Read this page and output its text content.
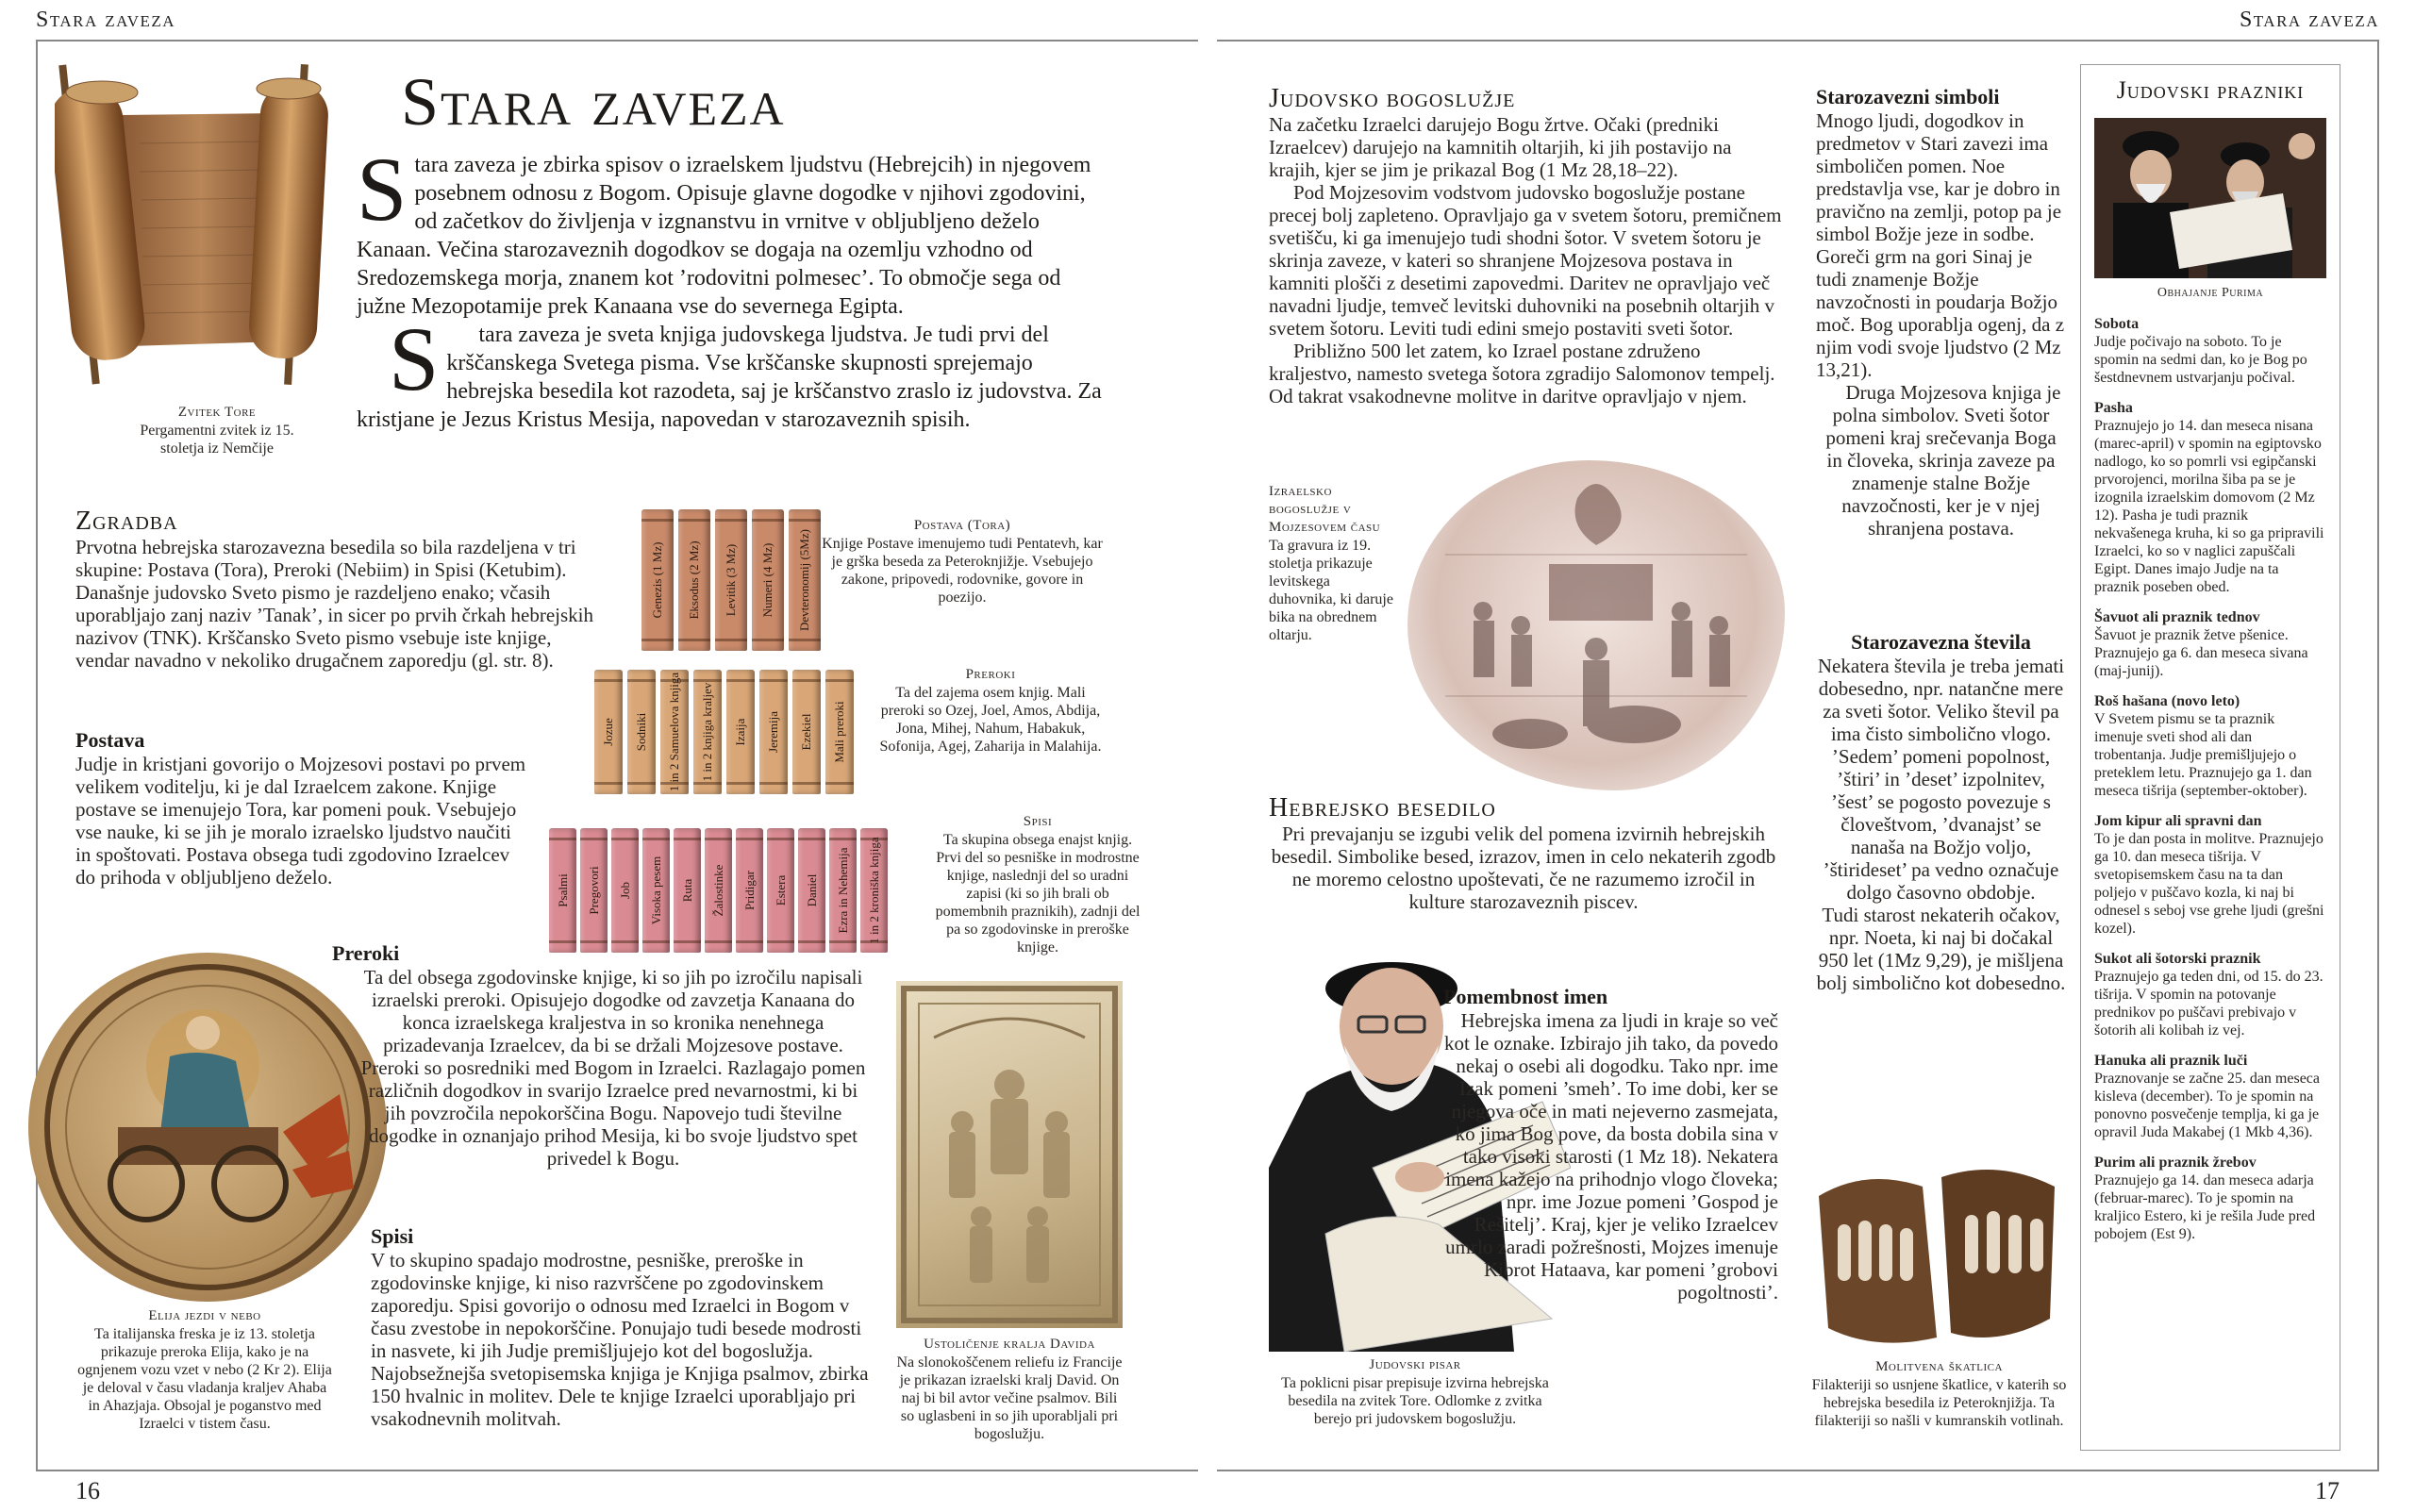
Stara zaveza	Stara zaveza
16	17
Zvitek Tore
Pergamentni zvitek iz 15. stoletja iz Nemčije
Stara zaveza

Stara zaveza je zbirka spisov o izraelskem ljudstvu (Hebrejcih) in njegovem posebnem odnosu z Bogom. Opisuje glavne dogodke v njihovi zgodovini, od začetkov do življenja v izgnanstvu in vrnitve v obljubljeno deželo Kanaan. Večina starozaveznih dogodkov se dogaja na ozemlju vzhodno od Sredozemskega morja, znanem kot ’rodovitni polmesec’. To območje sega od južne Mezopotamije prek Kanaana vse do severnega Egipta.

Stara zaveza je sveta knjiga judovskega ljudstva. Je tudi prvi del krščanskega Svetega pisma. Vse krščanske skupnosti sprejemajo hebrejska besedila kot razodeta, saj je krščanstvo zraslo iz judovstva. Za kristjane je Jezus Kristus Mesija, napovedan v starozaveznih spisih.

Zgradba

Prvotna hebrejska starozavezna besedila so bila razdeljena v tri skupine: Postava (Tora), Preroki (Nebiim) in Spisi (Ketubim). Današnje judovsko Sveto pismo je razdeljeno enako; včasih uporabljajo zanj naziv ’Tanak’, in sicer po prvih črkah hebrejskih nazivov (TNK). Krščansko Sveto pismo vsebuje iste knjige, vendar navadno v nekoliko drugačnem zaporedju (gl. str. 8).

Postava

Judje in kristjani govorijo o Mojzesovi postavi po prvem velikem voditelju, ki je dal Izraelcem zakone. Knjige postave se imenujejo Tora, kar pomeni pouk. Vsebujejo vse nauke, ki se jih je moralo izraelsko ljudstvo naučiti in spoštovati. Postava obsega tudi zgodovino Izraelcev do prihoda v obljubljeno deželo.

Genezis (1 Mz) Eksodus (2 Mz) Levitik (3 Mz) Numeri (4 Mz) Devteronomij (5Mz)
Postava (Tora)
Knjige Postave imenujemo tudi Pentatevh, kar je grška beseda za Peteroknjižje. Vsebujejo zakone, pripovedi, rodovnike, govore in poezijo.
Jozue Sodniki 1 in 2 Samuelova knjiga 1 in 2 knjiga kraljev Izaija Jeremija Ezekiel Mali preroki
Preroki
Ta del zajema osem knjig. Mali preroki so Ozej, Joel, Amos, Abdija, Jona, Mihej, Nahum, Habakuk, Sofonija, Agej, Zaharija in Malahija.
Psalmi Pregovori Job Visoka pesem Ruta Žalostinke Pridigar Estera Daniel Ezra in Nehemija 1 in 2 kroniška knjiga
Spisi
Ta skupina obsega enajst knjig. Prvi del so pesniške in modrostne knjige, naslednji del so uradni zapisi (ki so jih brali ob pomembnih praznikih), zadnji del pa so zgodovinske in preroške knjige.
Elija jezdi v nebo
Ta italijanska freska je iz 13. stoletja prikazuje preroka Elija, kako je na ognjenem vozu vzet v nebo (2 Kr 2). Elija je deloval v času vladanja kraljev Ahaba in Ahazjaja. Obsojal je poganstvo med Izraelci v tistem času.
Preroki

Ta del obsega zgodovinske knjige, ki so jih po izročilu napisali izraelski preroki. Opisujejo dogodke od zavzetja Kanaana do konca izraelskega kraljestva in so kronika nenehnega prizadevanja Izraelcev, da bi se držali Mojzesove postave. Preroki so posredniki med Bogom in Izraelci. Razlagajo pomen različnih dogodkov in svarijo Izraelce pred nevarnostmi, ki bi jih povzročila nepokorščina Bogu. Napovejo tudi številne dogodke in oznanjajo prihod Mesija, ki bo svoje ljudstvo spet privedel k Bogu.

Spisi

V to skupino spadajo modrostne, pesniške, preroške in zgodovinske knjige, ki niso razvrščene po zgodovinskem zaporedju. Spisi govorijo o odnosu med Izraelci in Bogom v času zvestobe in nepokorščine. Ponujajo tudi besede modrosti in nasvete, ki jih Judje premišljujejo kot del bogoslužja. Najobsežnejša svetopisemska knjiga je Knjiga psalmov, zbirka 150 hvalnic in molitev. Dele te knjige Izraelci uporabljajo pri vsakodnevnih molitvah.

Ustoličenje kralja Davida
Na slonokoščenem reliefu iz Francije je prikazan izraelski kralj David. On naj bi bil avtor večine psalmov. Bili so uglasbeni in so jih uporabljali pri bogoslužju.
Judovsko bogoslužje

Na začetku Izraelci darujejo Bogu žrtve. Očaki (predniki Izraelcev) darujejo na kamnitih oltarjih, ki jih postavijo na krajih, kjer se jim je prikazal Bog (1 Mz 28,18–22).

Pod Mojzesovim vodstvom judovsko bogoslužje postane precej bolj zapleteno. Opravljajo ga v svetem šotoru, premičnem svetišču, ki ga imenujejo tudi shodni šotor. V svetem šotoru je skrinja zaveze, v kateri so shranjene Mojzesova postava in kamniti plošči z desetimi zapovedmi. Daritev ne opravljajo več navadni ljudje, temveč levitski duhovniki na posebnih oltarjih v svetem šotoru. Leviti tudi edini smejo postaviti sveti šotor.

Približno 500 let zatem, ko Izrael postane združeno kraljestvo, namesto svetega šotora zgradijo Salomonov tempelj. Od takrat vsakodnevne molitve in daritve opravljajo v njem.

Izraelsko bogoslužje v Mojzesovem času
Ta gravura iz 19. stoletja prikazuje levitskega duhovnika, ki daruje bika na obrednem oltarju.
Hebrejsko besedilo

Pri prevajanju se izgubi velik del pomena izvirnih hebrejskih besedil. Simbolike besed, izrazov, imen in celo nekaterih zgodb ne moremo celostno upoštevati, če ne razumemo izročil in kulture starozaveznih piscev.

Judovski pisar
Ta poklicni pisar prepisuje izvirna hebrejska besedila na zvitek Tore. Odlomke z zvitka berejo pri judovskem bogoslužju.
Pomembnost imen

Hebrejska imena za ljudi in kraje so več kot le oznake. Izbirajo jih tako, da povedo nekaj o osebi ali dogodku. Tako npr. ime Izak pomeni ’smeh’. To ime dobi, ker se njegova oče in mati nejeverno zasmejata, ko jima Bog pove, da bosta dobila sina v tako visoki starosti (1 Mz 18). Nekatera imena kažejo na prihodnjo vlogo človeka; npr. ime Jozue pomeni ’Gospod je Rešitelj’. Kraj, kjer je veliko Izraelcev umrlo zaradi požrešnosti, Mojzes imenuje Kibrot Hataava, kar pomeni ’grobovi pogoltnosti’.

Starozavezni simboli

Mnogo ljudi, dogodkov in predmetov v Stari zavezi ima simboličen pomen. Noe predstavlja vse, kar je dobro in pravično na zemlji, potop pa je simbol Božje jeze in sodbe. Goreči grm na gori Sinaj je tudi znamenje Božje navzočnosti in poudarja Božjo moč. Bog uporablja ogenj, da z njim vodi svoje ljudstvo (2 Mz 13,21).

Druga Mojzesova knjiga je polna simbolov. Sveti šotor pomeni kraj srečevanja Boga in človeka, skrinja zaveze pa znamenje stalne Božje navzočnosti, ker je v njej shranjena postava.

Starozavezna števila

Nekatera števila je treba jemati dobesedno, npr. natančne mere za sveti šotor. Veliko števil pa ima čisto simbolično vlogo. ’Sedem’ pomeni popolnost, ’štiri’ in ’deset’ izpolnitev, ’šest’ se pogosto povezuje s človeštvom, ’dvanajst’ se nanaša na Božjo voljo, ’štirideset’ pa vedno označuje dolgo časovno obdobje.

Tudi starost nekaterih očakov, npr. Noeta, ki naj bi dočakal 950 let (1Mz 9,29), je mišljena bolj simbolično kot dobesedno.

Molitvena škatlica
Filakteriji so usnjene škatlice, v katerih so hebrejska besedila iz Peteroknjižja. Ta filakteriji so našli v kumranskih votlinah.
Judovski prazniki
Obhajanje Purima

Sobota
Judje počivajo na soboto. To je spomin na sedmi dan, ko je Bog po šestdnevnem ustvarjanju počival.

Pasha
Praznujejo jo 14. dan meseca nisana (marec-april) v spomin na egiptovsko nadlogo, ko so pomrli vsi egipčanski prvorojenci, morilna šiba pa se je izognila izraelskim domovom (2 Mz 12). Pasha je tudi praznik nekvašenega kruha, ki so ga pripravili Izraelci, ko so v naglici zapuščali Egipt. Danes imajo Judje na ta praznik poseben obed.

Šavuot ali praznik tednov
Šavuot je praznik žetve pšenice. Praznujejo ga 6. dan meseca sivana (maj-junij).

Roš hašana (novo leto)
V Svetem pismu se ta praznik imenuje sveti shod ali dan trobentanja. Judje premišljujejo o preteklem letu. Praznujejo ga 1. dan meseca tišrija (september-oktober).

Jom kipur ali spravni dan
To je dan posta in molitve. Praznujejo ga 10. dan meseca tišrija. V svetopisemskem času na ta dan poljejo v puščavo kozla, ki naj bi odnesel s seboj vse grehe ljudi (grešni kozel).

Sukot ali šotorski praznik
Praznujejo ga teden dni, od 15. do 23. tišrija. V spomin na potovanje prednikov po puščavi prebivajo v šotorih ali kolibah iz vej.

Hanuka ali praznik luči
Praznovanje se začne 25. dan meseca kisleva (december). To je spomin na ponovno posvečenje templja, ki ga je opravil Juda Makabej (1 Mkb 4,36).

Purim ali praznik žrebov
Praznujejo ga 14. dan meseca adarja (februar-marec). To je spomin na kraljico Estero, ki je rešila Jude pred pobojem (Est 9).
